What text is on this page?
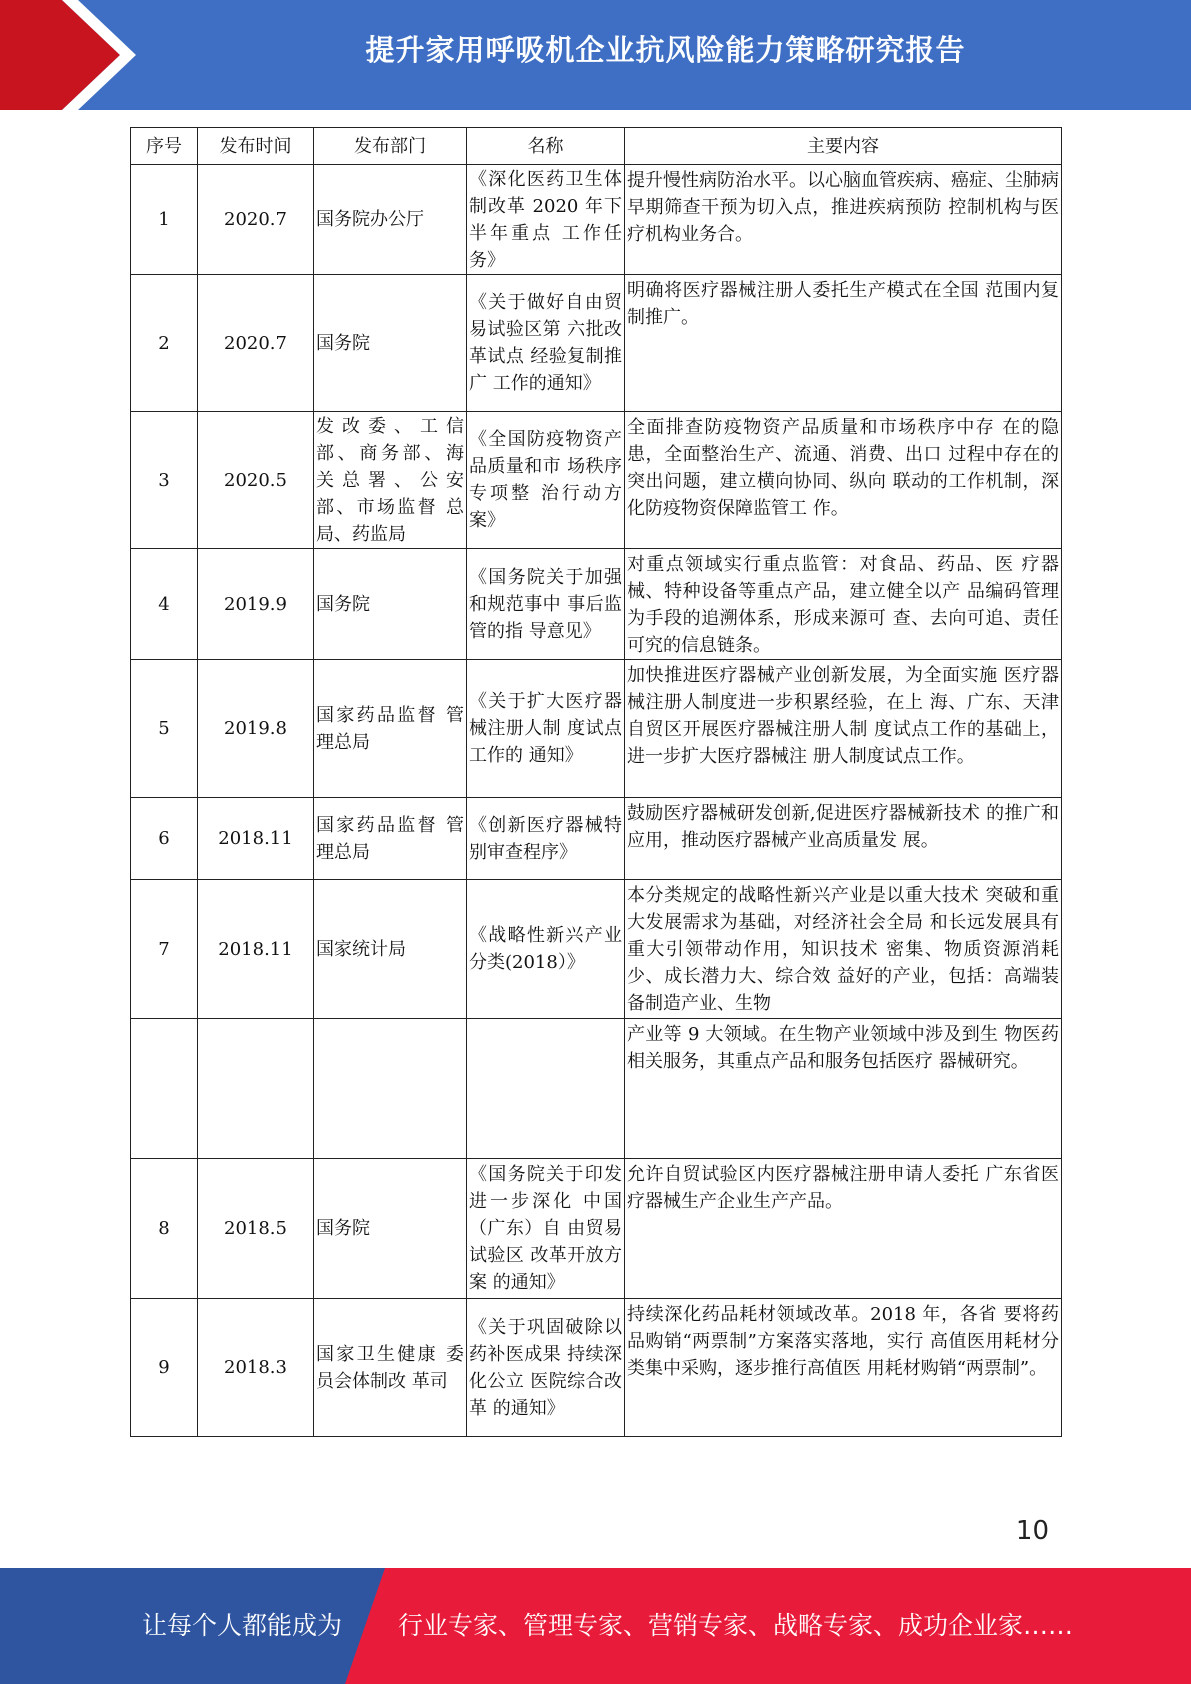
提升家用呼吸机企业抗风险能力策略研究报告
序号	发布时间	发布部门	名称	主要内容
1	2020.7	国务院办公厅	《深化医药卫生体制改革 2020 年下半年重点 工作任务》	提升慢性病防治水平。以心脑血管疾病、癌症、尘肺病早期筛查干预为切入点，推进疾病预防 控制机构与医疗机构业务合。
2	2020.7	国务院	《关于做好自由贸易试验区第 六批改革试点 经验复制推广 工作的通知》	明确将医疗器械注册人委托生产模式在全国 范围内复制推广。
3	2020.5	发改委、工信 部、商务部、海 关总署、公安 部、市场监督 总局、药监局	《全国防疫物资产品质量和市 场秩序专项整 治行动方案》	全面排查防疫物资产品质量和市场秩序中存 在的隐患，全面整治生产、流通、消费、出口 过程中存在的突出问题，建立横向协同、纵向 联动的工作机制，深化防疫物资保障监管工 作。
4	2019.9	国务院	《国务院关于加强和规范事中 事后监管的指 导意见》	对重点领域实行重点监管：对食品、药品、医 疗器械、特种设备等重点产品，建立健全以产 品编码管理为手段的追溯体系，形成来源可 查、去向可追、责任可究的信息链条。
5	2019.8	国家药品监督 管理总局	《关于扩大医疗器械注册人制 度试点工作的 通知》	加快推进医疗器械产业创新发展，为全面实施 医疗器械注册人制度进一步积累经验，在上 海、广东、天津自贸区开展医疗器械注册人制 度试点工作的基础上，进一步扩大医疗器械注 册人制度试点工作。
6	2018.11	国家药品监督 管理总局	《创新医疗器械特别审查程序》	鼓励医疗器械研发创新,促进医疗器械新技术 的推广和应用，推动医疗器械产业高质量发 展。
7	2018.11	国家统计局	《战略性新兴产业分类(2018）》	本分类规定的战略性新兴产业是以重大技术 突破和重大发展需求为基础，对经济社会全局 和长远发展具有重大引领带动作用，知识技术 密集、物质资源消耗少、成长潜力大、综合效 益好的产业，包括：高端装备制造产业、生物
				产业等 9 大领域。在生物产业领域中涉及到生 物医药相关服务，其重点产品和服务包括医疗 器械研究。
8	2018.5	国务院	《国务院关于印发进一步深化 中国（广东）自 由贸易试验区 改革开放方案 的通知》	允许自贸试验区内医疗器械注册申请人委托 广东省医疗器械生产企业生产产品。
9	2018.3	国家卫生健康 委员会体制改 革司	《关于巩固破除以药补医成果 持续深化公立 医院综合改革 的通知》	持续深化药品耗材领域改革。2018 年，各省 要将药品购销“两票制”方案落实落地，实行 高值医用耗材分类集中采购，逐步推行高值医 用耗材购销“两票制”。
10
让每个人都能成为 行业专家、管理专家、营销专家、战略专家、成功企业家……
